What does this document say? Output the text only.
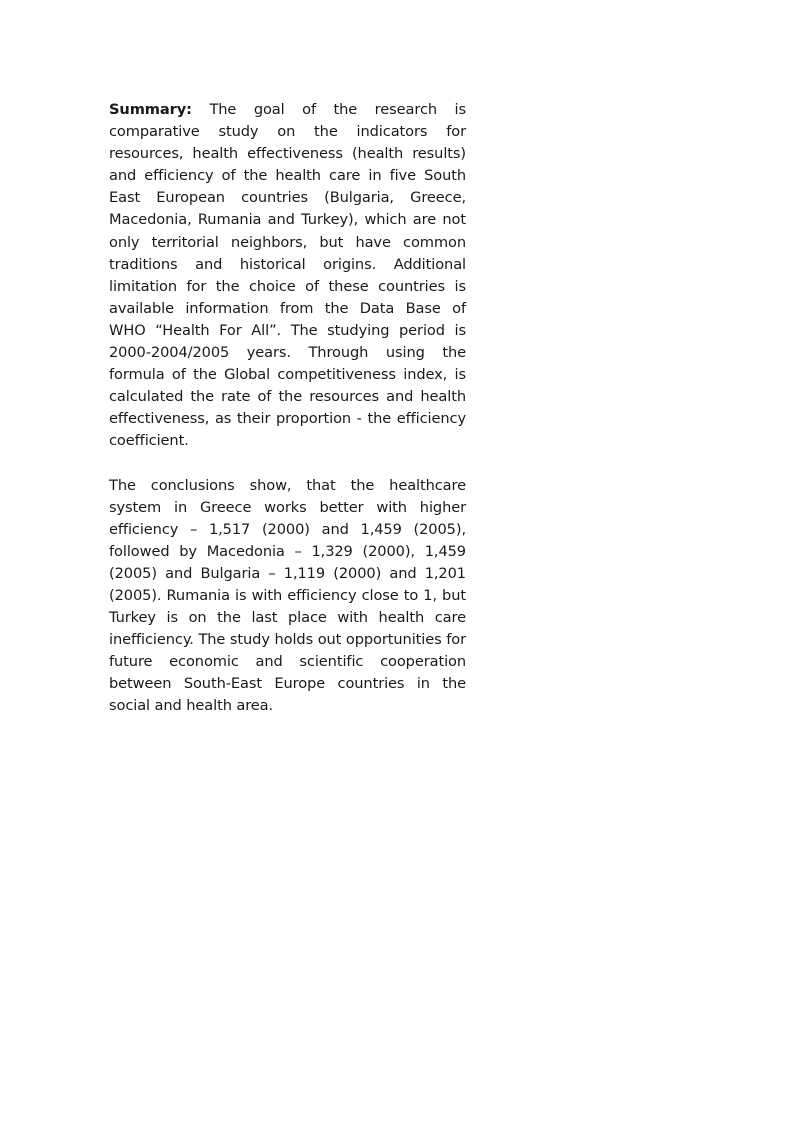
Summary: The goal of the research is comparative study on the indicators for resources, health effectiveness (health results) and efficiency of the health care in five South East European countries (Bulgaria, Greece, Macedonia, Rumania and Turkey), which are not only territorial neighbors, but have common traditions and historical origins. Additional limitation for the choice of these countries is available information from the Data Base of WHO “Health For All”. The studying period is 2000-2004/2005 years. Through using the formula of the Global competitiveness index, is calculated the rate of the resources and health effectiveness, as their proportion - the efficiency coefficient.

The conclusions show, that the healthcare system in Greece works better with higher efficiency – 1,517 (2000) and 1,459 (2005), followed by Macedonia – 1,329 (2000), 1,459 (2005) and Bulgaria – 1,119 (2000) and 1,201 (2005). Rumania is with efficiency close to 1, but Turkey is on the last place with health care inefficiency. The study holds out opportunities for future economic and scientific cooperation between South-East Europe countries in the social and health area.
